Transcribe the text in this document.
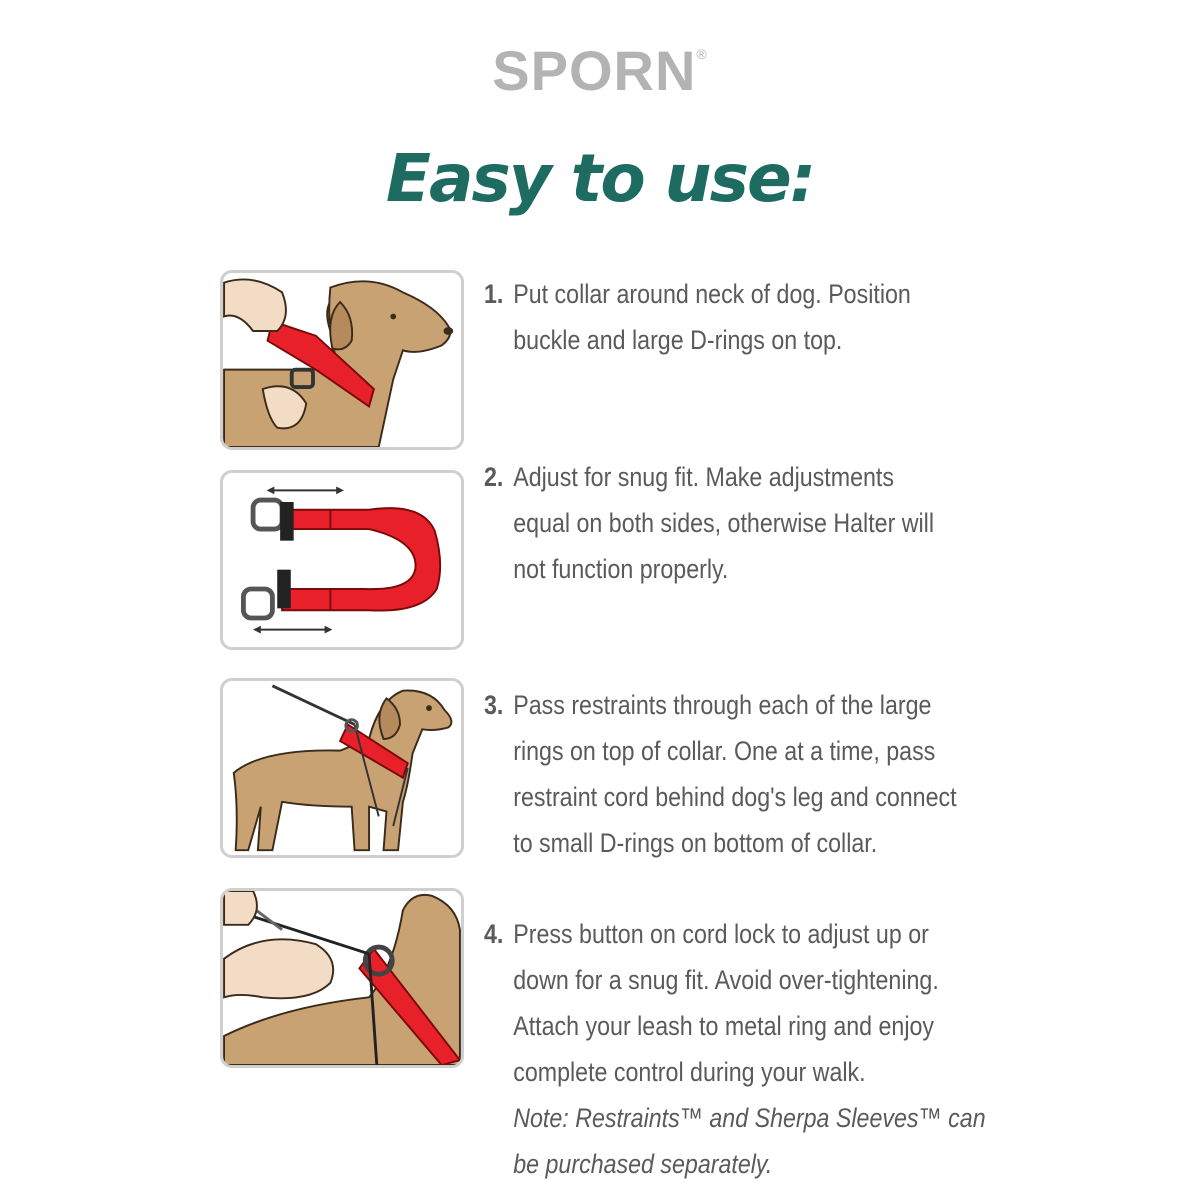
SPORN®
Easy to use:
1. Put collar around neck of dog. Position
buckle and large D-rings on top.
2. Adjust for snug fit. Make adjustments
equal on both sides, otherwise Halter will
not function properly.
3. Pass restraints through each of the large
rings on top of collar. One at a time, pass
restraint cord behind dog's leg and connect
to small D-rings on bottom of collar.
4. Press button on cord lock to adjust up or
down for a snug fit. Avoid over-tightening.
Attach your leash to metal ring and enjoy
complete control during your walk.
Note: Restraints™ and Sherpa Sleeves™ can
be purchased separately.
